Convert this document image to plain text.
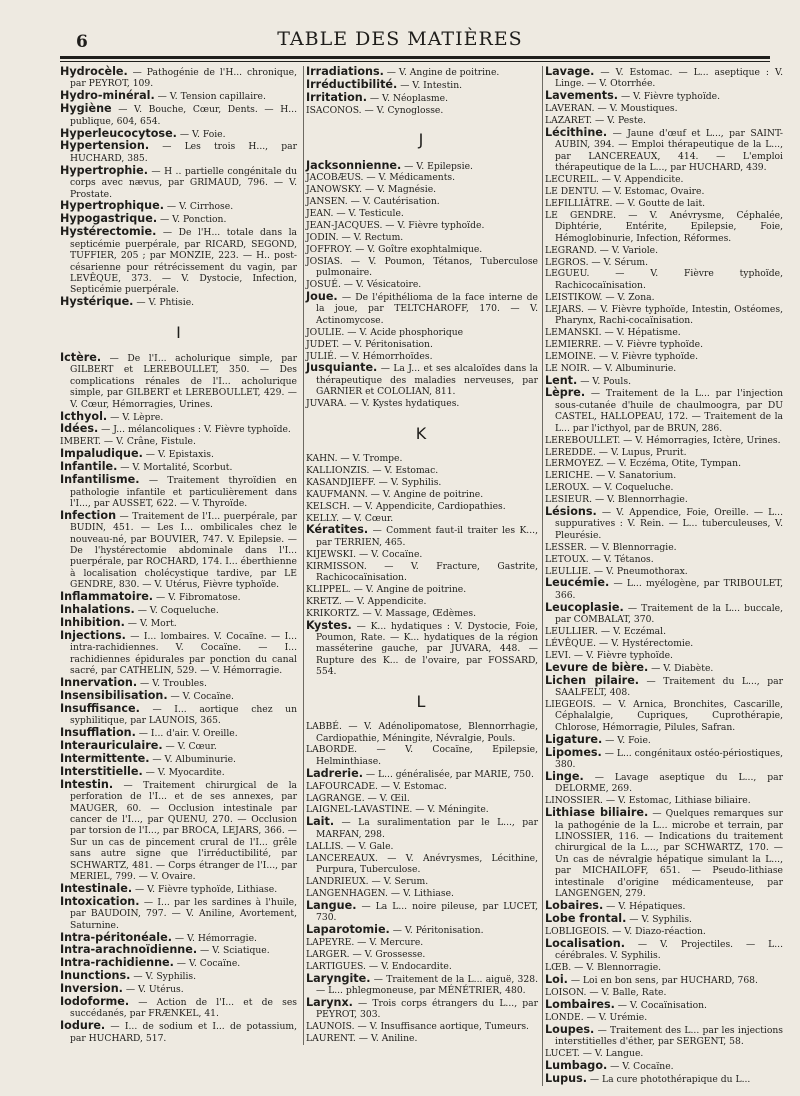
6	TABLE DES MATIÈRES
Hydrocèle. — Pathogénie de l'H... chronique, par PEYROT, 109.
Hydro-minéral. — V. Tension capillaire.
Hygiène — V. Bouche, Cœur, Dents. — H... publique, 604, 654.
Hyperleucocytose. — V. Foie.
Hypertension. — Les trois H..., par HUCHARD, 385.
Hypertrophie. — H .. partielle congénitale du corps avec nævus, par GRIMAUD, 796. — V. Prostate.
Hypertrophique. — V. Cirrhose.
Hypogastrique. — V. Ponction.
Hystérectomie. — De l'H... totale dans la septicémie puerpérale, par RICARD, SEGOND, TUFFIER, 205 ; par MONZIE, 223. — H.. post-césarienne pour rétrécissement du vagin, par LEVÊQUE, 373. — V. Dystocie, Infection, Septicémie puerpérale.
Hystérique. — V. Phtisie.
I
Ictère. — De l'I... acholurique simple, par GILBERT et LEREBOULLET, 350. — Des complications rénales de l'I... acholurique simple, par GILBERT et LEREBOULLET, 429. — V. Cœur, Hémorragies, Urines.
Icthyol. — V. Lèpre.
Idées. — J... mélancoliques : V. Fièvre typhoïde.
IMBERT. — V. Crâne, Fistule.
Impaludique. — V. Epistaxis.
Infantile. — V. Mortalité, Scorbut.
Infantilisme. — Traitement thyroïdien en pathologie infantile et particulièrement dans l'I..., par AUSSET, 622. — V. Thyroïde.
Infection — Traitement de l'I... puerpérale, par BUDIN, 451. — Les I... ombilicales chez le nouveau-né, par BOUVIER, 747. V. Epilepsie. — De l'hystérectomie abdominale dans l'I... puerpérale, par ROCHARD, 174. I... éberthienne à localisation cholécystique tardive, par LE GENDRE, 830. — V. Utérus, Fièvre typhoïde.
Inflammatoire. — V. Fibromatose.
Inhalations. — V. Coqueluche.
Inhibition. — V. Mort.
Injections. — I... lombaires. V. Cocaïne. — I... intra-rachidiennes. V. Cocaïne. — I... rachidiennes épidurales par ponction du canal sacré, par CATHELIN, 529. — V. Hémorragie.
Innervation. — V. Troubles.
Insensibilisation. — V. Cocaïne.
Insuffisance. — I... aortique chez un syphilitique, par LAUNOIS, 365.
Insufflation. — I... d'air. V. Oreille.
Interauriculaire. — V. Cœur.
Intermittente. — V. Albuminurie.
Interstitielle. — V. Myocardite.
Intestin. — Traitement chirurgical de la perforation de l'I... et de ses annexes, par MAUGER, 60. — Occlusion intestinale par cancer de l'I..., par QUENU, 270. — Occlusion par torsion de l'I..., par BROCA, LEJARS, 366. — Sur un cas de pincement crural de l'I... grêle sans autre signe que l'irréductibilité, par SCHWARTZ, 481. — Corps étranger de l'I..., par MERIEL, 799. — V. Ovaire.
Intestinale. — V. Fièvre typhoïde, Lithiase.
Intoxication. — I... par les sardines à l'huile, par BAUDOIN, 797. — V. Aniline, Avortement, Saturnine.
Intra-péritonéale. — V. Hémorragie.
Intra-arachnoïdienne. — V. Sciatique.
Intra-rachidienne. — V. Cocaïne.
Inunctions. — V. Syphilis.
Inversion. — V. Utérus.
Iodoforme. — Action de l'I... et de ses succédanés, par FRÆNKEL, 41.
Iodure. — I... de sodium et I... de potassium, par HUCHARD, 517.
Irradiations. — V. Angine de poitrine.
Irréductibilité. — V. Intestin.
Irritation. — V. Néoplasme.
ISACONOS. — V. Cynoglosse.
J
Jacksonnienne. — V. Epilepsie.
JACOBÆUS. — V. Médicaments.
JANOWSKY. — V. Magnésie.
JANSEN. — V. Cautérisation.
JEAN. — V. Testicule.
JEAN-JACQUES. — V. Fièvre typhoïde.
JODIN. — V. Rectum.
JOFFROY. — V. Goître exophtalmique.
JOSIAS. — V. Poumon, Tétanos, Tuberculose pulmonaire.
JOSUÉ. — V. Vésicatoire.
Joue. — De l'épithélioma de la face interne de la joue, par TELTCHAROFF, 170. — V. Actinomycose.
JOULIE. — V. Acide phosphorique
JUDET. — V. Péritonisation.
JULIÉ. — V. Hémorrhoïdes.
Jusquiante. — La J... et ses alcaloïdes dans la thérapeutique des maladies nerveuses, par GARNIER et COLOLIAN, 811.
JUVARA. — V. Kystes hydatiques.
K
KAHN. — V. Trompe.
KALLIONZIS. — V. Estomac.
KASANDJIEFF. — V. Syphilis.
KAUFMANN. — V. Angine de poitrine.
KELSCH. — V. Appendicite, Cardiopathies.
KELLY. — V. Cœur.
Kératites. — Comment faut-il traiter les K..., par TERRIEN, 465.
KIJEWSKI. — V. Cocaïne.
KIRMISSON. — V. Fracture, Gastrite, Rachicocaïnisation.
KLIPPEL. — V. Angine de poitrine.
KRETZ. — V. Appendicite.
KRIKORTZ. — V. Massage, Œdèmes.
Kystes. — K... hydatiques : V. Dystocie, Foie, Poumon, Rate. — K... hydatiques de la région masséterine gauche, par JUVARA, 448. — Rupture des K... de l'ovaire, par FOSSARD, 554.
L
LABBÉ. — V. Adénolipomatose, Blennorrhagie, Cardiopathie, Méningite, Névralgie, Pouls.
LABORDE. — V. Cocaïne, Epilepsie, Helminthiase.
Ladrerie. — L... généralisée, par MARIE, 750.
LAFOURCADE. — V. Estomac.
LAGRANGE. — V. Œil.
LAIGNEL-LAVASTINE. — V. Méningite.
Lait. — La suralimentation par le L..., par MARFAN, 298.
LALLIS. — V. Gale.
LANCEREAUX. — V. Anévrysmes, Lécithine, Purpura, Tuberculose.
LANDRIEUX. — V. Serum.
LANGENHAGEN. — V. Lithiase.
Langue. — La L... noire pileuse, par LUCET, 730.
Laparotomie. — V. Péritonisation.
LAPEYRE. — V. Mercure.
LARGER. — V. Grossesse.
LARTIGUES. — V. Endocardite.
Laryngite. — Traitement de la L... aiguë, 328. — L... phlegmoneuse, par MÉNÉTRIER, 480.
Larynx. — Trois corps étrangers du L..., par PEYROT, 303.
LAUNOIS. — V. Insuffisance aortique, Tumeurs.
LAURENT. — V. Aniline.
Lavage. — V. Estomac. — L... aseptique : V. Linge. — V. Otorrhée.
Lavements. — V. Fièvre typhoïde.
LAVERAN. — V. Moustiques.
LAZARET. — V. Peste.
Lécithine. — Jaune d'œuf et L..., par SAINT-AUBIN, 394. — Emploi thérapeutique de la L..., par LANCEREAUX, 414. — L'emploi thérapeutique de la L..., par HUCHARD, 439.
LECUREIL. — V. Appendicite.
LE DENTU. — V. Estomac, Ovaire.
LEFILLIÂTRE. — V. Goutte de lait.
LE GENDRE. — V. Anévrysme, Céphalée, Diphtérie, Entérite, Epilepsie, Foie, Hémoglobinurie, Infection, Réformes.
LEGRAND. — V. Variole.
LEGROS. — V. Sérum.
LEGUEU. — V. Fièvre typhoïde, Rachicocaïnisation.
LEISTIKOW. — V. Zona.
LEJARS. — V. Fièvre typhoïde, Intestin, Ostéomes, Pharynx, Rachi-cocaïnisation.
LEMANSKI. — V. Hépatisme.
LEMIERRE. — V. Fièvre typhoïde.
LEMOINE. — V. Fièvre typhoïde.
LE NOIR. — V. Albuminurie.
Lent. — V. Pouls.
Lèpre. — Traitement de la L... par l'injection sous-cutanée d'huile de chaulmoogra, par DU CASTEL, HALLOPEAU, 172. — Traitement de la L... par l'icthyol, par de BRUN, 286.
LEREBOULLET. — V. Hémorragies, Ictère, Urines.
LEREDDE. — V. Lupus, Prurit.
LERMOYEZ. — V. Eczéma, Otite, Tympan.
LERICHE. — V. Sanatorium.
LEROUX. — V. Coqueluche.
LESIEUR. — V. Blennorrhagie.
Lésions. — V. Appendice, Foie, Oreille. — L... suppuratives : V. Rein. — L... tuberculeuses, V. Pleurésie.
LESSER. — V. Blennorragie.
LETOUX. — V. Tétanos.
LEULLIE. — V. Pneumothorax.
Leucémie. — L... myélogène, par TRIBOULET, 366.
Leucoplasie. — Traitement de la L... buccale, par COMBALAT, 370.
LEULLIER. — V. Eczémal.
LÉVÊQUE. — V. Hystérectomie.
LEVI. — V. Fièvre typhoïde.
Levure de bière. — V. Diabète.
Lichen pilaire. — Traitement du L..., par SAALFELT, 408.
LIEGEOIS. — V. Arnica, Bronchites, Cascarille, Céphalalgie, Cupriques, Cuprothérapie, Chlorose, Hémorragie, Pilules, Safran.
Ligature. — V. Foie.
Lipomes. — L... congénitaux ostéo-périostiques, 380.
Linge. — Lavage aseptique du L..., par DELORME, 269.
LINOSSIER. — V. Estomac, Lithiase biliaire.
Lithiase biliaire. — Quelques remarques sur la pathogénie de la L... microbe et terrain, par LINOSSIER, 116. — Indications du traitement chirurgical de la L..., par SCHWARTZ, 170. — Un cas de névralgie hépatique simulant la L..., par MICHAILOFF, 651. — Pseudo-lithiase intestinale d'origine médicamenteuse, par LANGENGEN, 279.
Lobaires. — V. Hépatiques.
Lobe frontal. — V. Syphilis.
LOBLIGEOIS. — V. Diazo-réaction.
Localisation. — V. Projectiles. — L... cérébrales. V. Syphilis.
LŒB. — V. Blennorragie.
Loi. — Loi en bon sens, par HUCHARD, 768.
LOISON. — V. Balle, Rate.
Lombaires. — V. Cocaïnisation.
LONDE. — V. Urémie.
Loupes. — Traitement des L... par les injections interstitielles d'éther, par SERGENT, 58.
LUCET. — V. Langue.
Lumbago. — V. Cocaïne.
Lupus. — La cure photothérapique du L...
